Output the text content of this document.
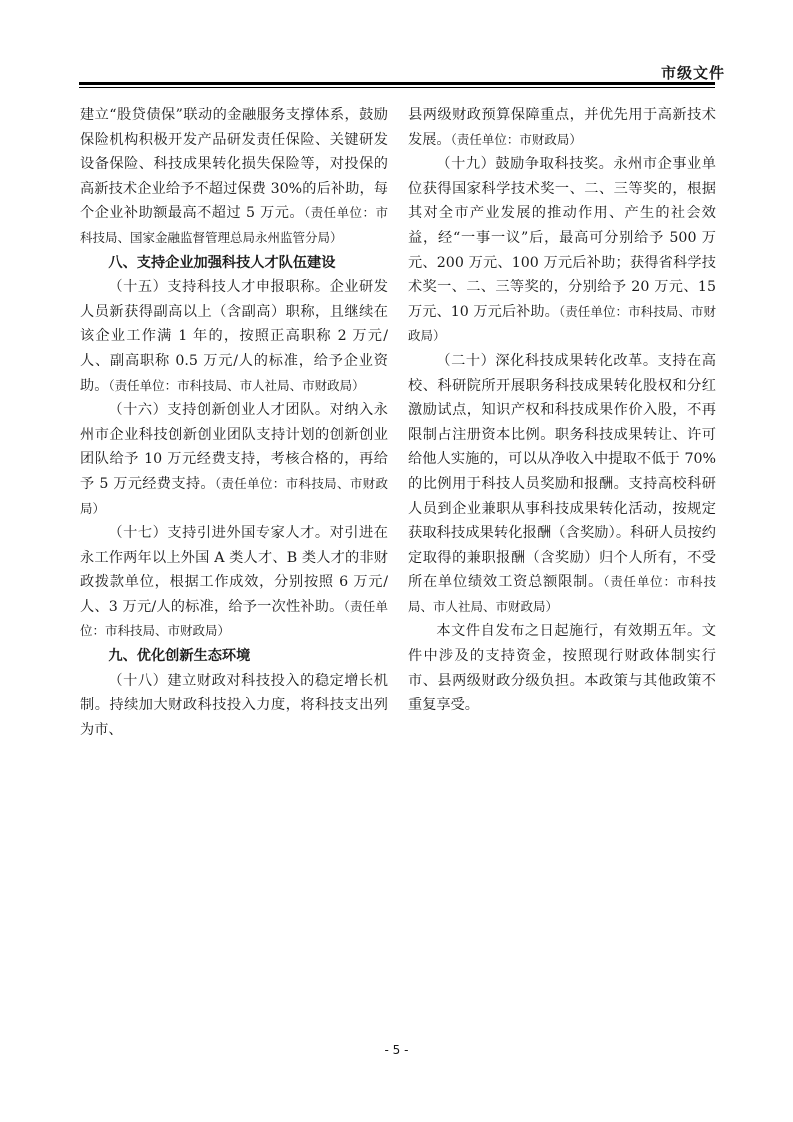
市级文件

建立“股贷债保”联动的金融服务支撑体系，鼓励保险机构积极开发产品研发责任保险、关键研发设备保险、科技成果转化损失保险等，对投保的高新技术企业给予不超过保费 30%的后补助，每个企业补助额最高不超过 5 万元。（责任单位：市科技局、国家金融监督管理总局永州监管分局）

八、支持企业加强科技人才队伍建设

（十五）支持科技人才申报职称。企业研发人员新获得副高以上（含副高）职称，且继续在该企业工作满 1 年的，按照正高职称 2 万元/人、副高职称 0.5 万元/人的标准，给予企业资助。（责任单位：市科技局、市人社局、市财政局）

（十六）支持创新创业人才团队。对纳入永州市企业科技创新创业团队支持计划的创新创业团队给予 10 万元经费支持，考核合格的，再给予 5 万元经费支持。（责任单位：市科技局、市财政局）

（十七）支持引进外国专家人才。对引进在永工作两年以上外国 A 类人才、B 类人才的非财政拨款单位，根据工作成效，分别按照 6 万元/人、3 万元/人的标准，给予一次性补助。（责任单位：市科技局、市财政局）

九、优化创新生态环境

（十八）建立财政对科技投入的稳定增长机制。持续加大财政科技投入力度，将科技支出列为市、

县两级财政预算保障重点，并优先用于高新技术发展。（责任单位：市财政局）

（十九）鼓励争取科技奖。永州市企事业单位获得国家科学技术奖一、二、三等奖的，根据其对全市产业发展的推动作用、产生的社会效益，经“一事一议”后，最高可分别给予 500 万元、200 万元、100 万元后补助；获得省科学技术奖一、二、三等奖的，分别给予 20 万元、15 万元、10 万元后补助。（责任单位：市科技局、市财政局）

（二十）深化科技成果转化改革。支持在高校、科研院所开展职务科技成果转化股权和分红激励试点，知识产权和科技成果作价入股，不再限制占注册资本比例。职务科技成果转让、许可给他人实施的，可以从净收入中提取不低于 70%的比例用于科技人员奖励和报酬。支持高校科研人员到企业兼职从事科技成果转化活动，按规定获取科技成果转化报酬（含奖励）。科研人员按约定取得的兼职报酬（含奖励）归个人所有，不受所在单位绩效工资总额限制。（责任单位：市科技局、市人社局、市财政局）

本文件自发布之日起施行，有效期五年。文件中涉及的支持资金，按照现行财政体制实行市、县两级财政分级负担。本政策与其他政策不重复享受。

- 5 -
